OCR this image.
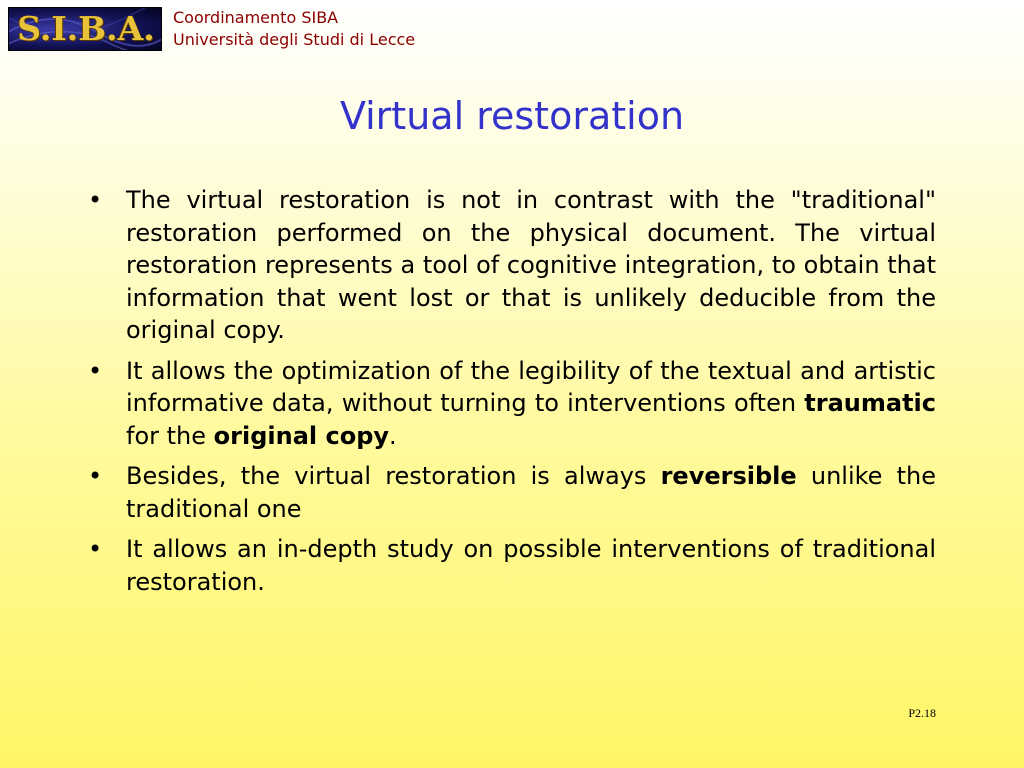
S.I.B.A.	Coordinamento SIBA
Università degli Studi di Lecce
Virtual restoration
• The virtual restoration is not in contrast with the "traditional" restoration performed on the physical document. The virtual restoration represents a tool of cognitive integration, to obtain that information that went lost or that is unlikely deducible from the original copy.
• It allows the optimization of the legibility of the textual and artistic informative data, without turning to interventions often traumatic for the original copy.
• Besides, the virtual restoration is always reversible unlike the traditional one
• It allows an in-depth study on possible interventions of traditional restoration.
P2.18
